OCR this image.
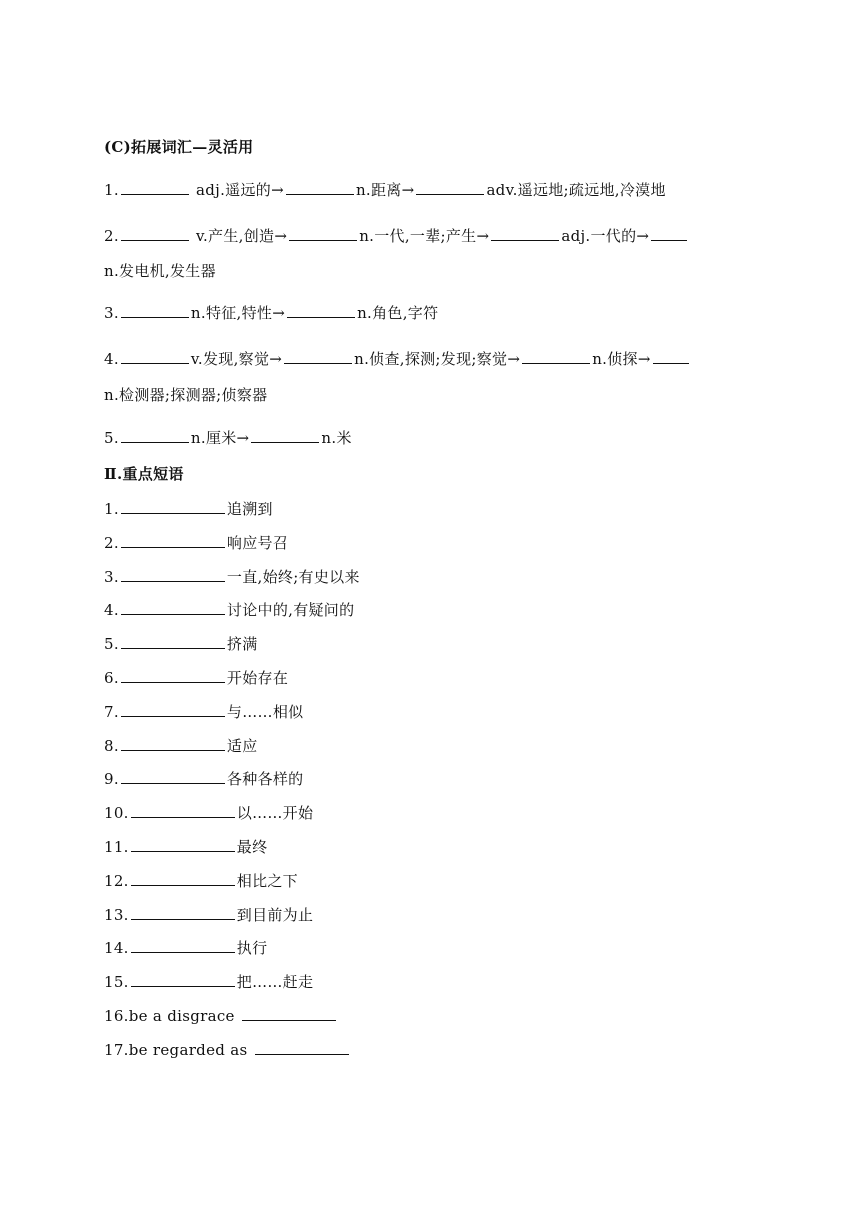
(C)拓展词汇—灵活用
1.	adj.遥远的→	n.距离→	adv.遥远地;疏远地,冷漠地
2.	v.产生,创造→	n.一代,一辈;产生→	adj.一代的→
n.发电机,发生器
3.	n.特征,特性→	n.角色,字符
4.	v.发现,察觉→	n.侦查,探测;发现;察觉→	n.侦探→
n.检测器;探测器;侦察器
5.	n.厘米→	n.米
Ⅱ.重点短语
1.	追溯到
2.	响应号召
3.	一直,始终;有史以来
4.	讨论中的,有疑问的
5.	挤满
6.	开始存在
7.	与……相似
8.	适应
9.	各种各样的
10.	以……开始
11.	最终
12.	相比之下
13.	到目前为止
14.	执行
15.	把……赶走
16.be a disgrace
17.be regarded as
